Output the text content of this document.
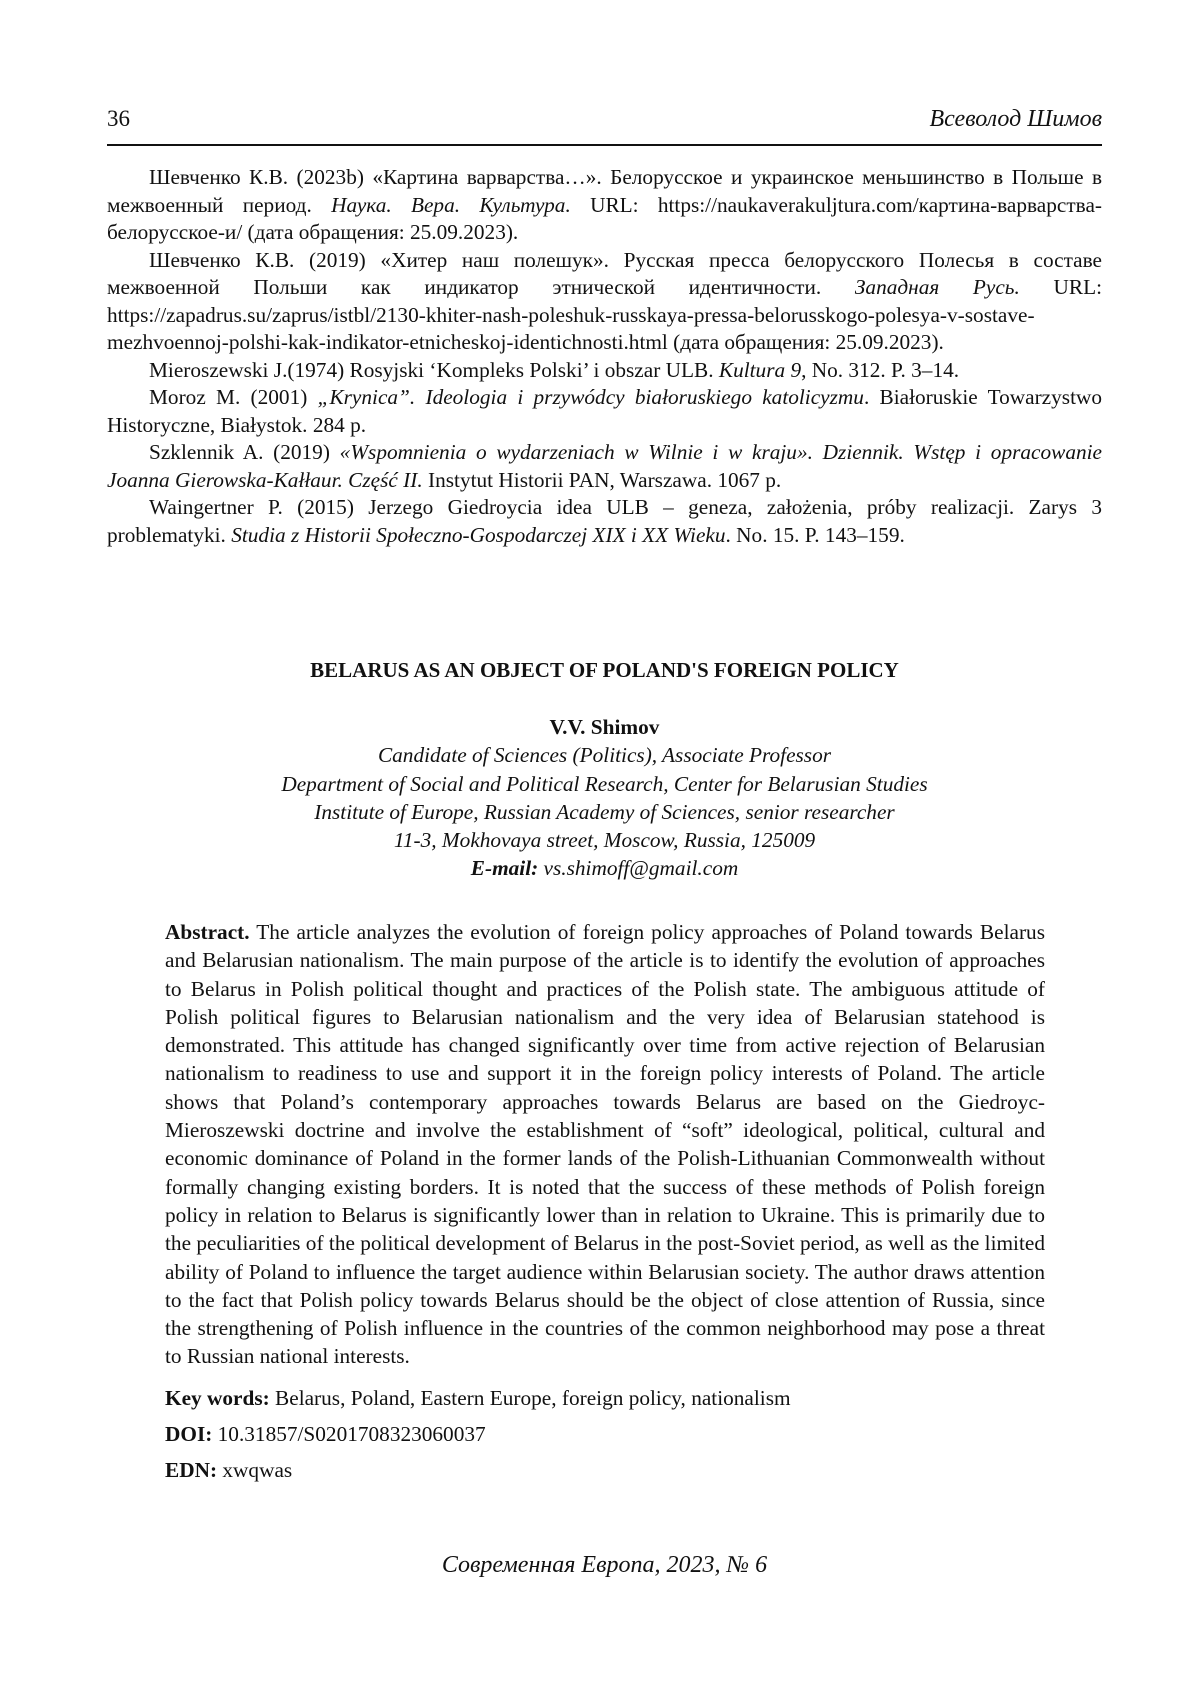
36	Всеволод Шимов

Шевченко К.В. (2023b) «Картина варварства…». Белорусское и украинское меньшинство в Польше в межвоенный период. Наука. Вера. Культура. URL: https://naukaverakuljtura.com/картина-варварства-белорусское-и/ (дата обращения: 25.09.2023).

Шевченко К.В. (2019) «Хитер наш полешук». Русская пресса белорусского Полесья в составе межвоенной Польши как индикатор этнической идентичности. Западная Русь. URL: https://zapadrus.su/zaprus/istbl/2130-khiter-nash-poleshuk-russkaya-pressa-belorusskogo-polesya-v-sostave-mezhvoennoj-polshi-kak-indikator-etnicheskoj-identichnosti.html (дата обращения: 25.09.2023).

Mieroszewski J.(1974) Rosyjski ‘Kompleks Polski’ i obszar ULB. Kultura 9, No. 312. P. 3–14.

Moroz M. (2001) „Krynica”. Ideologia i przywódcy białoruskiego katolicyzmu. Białoruskie Towarzystwo Historyczne, Białystok. 284 p.

Szklennik A. (2019) «Wspomnienia o wydarzeniach w Wilnie i w kraju». Dziennik. Wstęp i opracowanie Joanna Gierowska-Kałłaur. Część II. Instytut Historii PAN, Warszawa. 1067 p.

Waingertner P. (2015) Jerzego Giedroycia idea ULB – geneza, założenia, próby realizacji. Zarys 3 problematyki. Studia z Historii Społeczno-Gospodarczej XIX i XX Wieku. No. 15. P. 143–159.

BELARUS AS AN OBJECT OF POLAND'S FOREIGN POLICY
V.V. Shimov
Candidate of Sciences (Politics), Associate Professor
Department of Social and Political Research, Center for Belarusian Studies
Institute of Europe, Russian Academy of Sciences, senior researcher
11-3, Mokhovaya street, Moscow, Russia, 125009
E-mail: vs.shimoff@gmail.com

Abstract. The article analyzes the evolution of foreign policy approaches of Poland towards Belarus and Belarusian nationalism. The main purpose of the article is to identify the evolution of approaches to Belarus in Polish political thought and practices of the Polish state. The ambiguous attitude of Polish political figures to Belarusian nationalism and the very idea of Belarusian statehood is demonstrated. This attitude has changed significantly over time from active rejection of Belarusian nationalism to readiness to use and support it in the foreign policy interests of Poland. The article shows that Poland’s contemporary approaches towards Belarus are based on the Giedroyc-Mieroszewski doctrine and involve the establishment of “soft” ideological, political, cultural and economic dominance of Poland in the former lands of the Polish-Lithuanian Commonwealth without formally changing existing borders. It is noted that the success of these methods of Polish foreign policy in relation to Belarus is significantly lower than in relation to Ukraine. This is primarily due to the peculiarities of the political development of Belarus in the post-Soviet period, as well as the limited ability of Poland to influence the target audience within Belarusian society. The author draws attention to the fact that Polish policy towards Belarus should be the object of close attention of Russia, since the strengthening of Polish influence in the countries of the common neighborhood may pose a threat to Russian national interests.

Key words: Belarus, Poland, Eastern Europe, foreign policy, nationalism
DOI: 10.31857/S0201708323060037
EDN: xwqwas
Современная Европа, 2023, № 6
